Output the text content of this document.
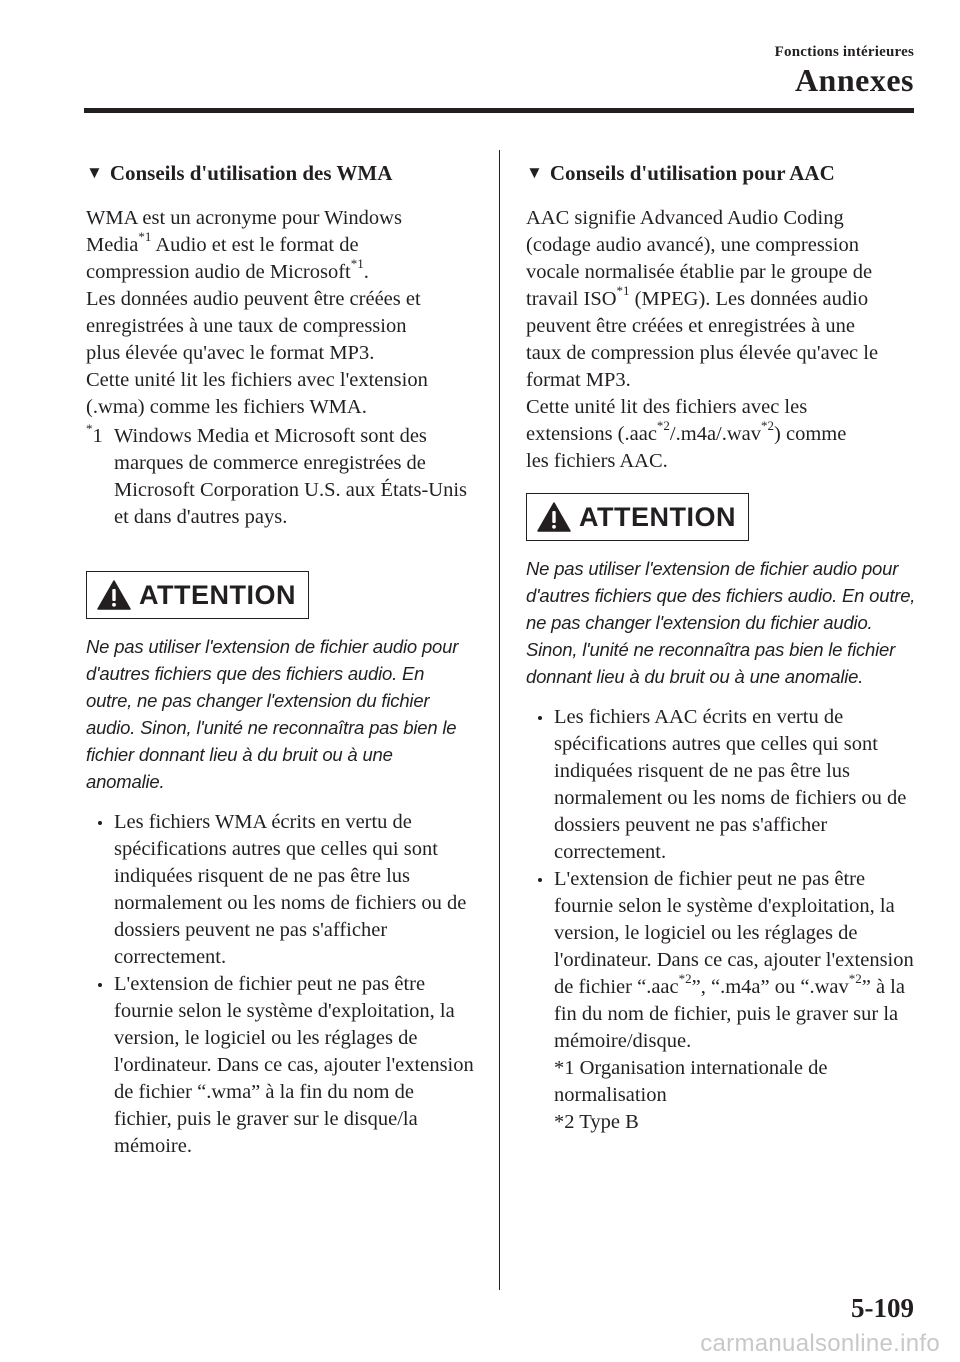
Fonctions intérieures
Annexes
▼ Conseils d'utilisation des WMA

WMA est un acronyme pour Windows

Media$^{*1}$ Audio et est le format de

compression audio de Microsoft$^{*1}$.

Les données audio peuvent être créées et

enregistrées à une taux de compression

plus élevée qu'avec le format MP3.

Cette unité lit les fichiers avec l'extension

(.wma) comme les fichiers WMA.

*1 Windows Media et Microsoft sont des marques de commerce enregistrées de Microsoft Corporation U.S. aux États-Unis et dans d'autres pays.
ATTENTION
Ne pas utiliser l'extension de fichier audio pour d'autres fichiers que des fichiers audio. En outre, ne pas changer l'extension du fichier audio. Sinon, l'unité ne reconnaîtra pas bien le fichier donnant lieu à du bruit ou à une anomalie.
Les fichiers WMA écrits en vertu de spécifications autres que celles qui sont indiquées risquent de ne pas être lus normalement ou les noms de fichiers ou de dossiers peuvent ne pas s'afficher correctement.
L'extension de fichier peut ne pas être fournie selon le système d'exploitation, la version, le logiciel ou les réglages de l'ordinateur. Dans ce cas, ajouter l'extension de fichier “.wma” à la fin du nom de fichier, puis le graver sur le disque/la mémoire.
▼ Conseils d'utilisation pour AAC

AAC signifie Advanced Audio Coding

(codage audio avancé), une compression

vocale normalisée établie par le groupe de

travail ISO$^{*1}$ (MPEG). Les données audio

peuvent être créées et enregistrées à une

taux de compression plus élevée qu'avec le

format MP3.

Cette unité lit des fichiers avec les

extensions (.aac$^{*2}$/.m4a/.wav$^{*2}$) comme

les fichiers AAC.

ATTENTION
Ne pas utiliser l'extension de fichier audio pour d'autres fichiers que des fichiers audio. En outre, ne pas changer l'extension du fichier audio. Sinon, l'unité ne reconnaîtra pas bien le fichier donnant lieu à du bruit ou à une anomalie.
Les fichiers AAC écrits en vertu de spécifications autres que celles qui sont indiquées risquent de ne pas être lus normalement ou les noms de fichiers ou de dossiers peuvent ne pas s'afficher correctement.
L'extension de fichier peut ne pas être fournie selon le système d'exploitation, la version, le logiciel ou les réglages de l'ordinateur. Dans ce cas, ajouter l'extension de fichier “.aac$^{*2}$”, “.m4a” ou “.wav$^{*2}$” à la fin du nom de fichier, puis le graver sur la mémoire/disque.

*1 Organisation internationale de normalisation

*2 Type B

5-109
carmanualsonline.info
